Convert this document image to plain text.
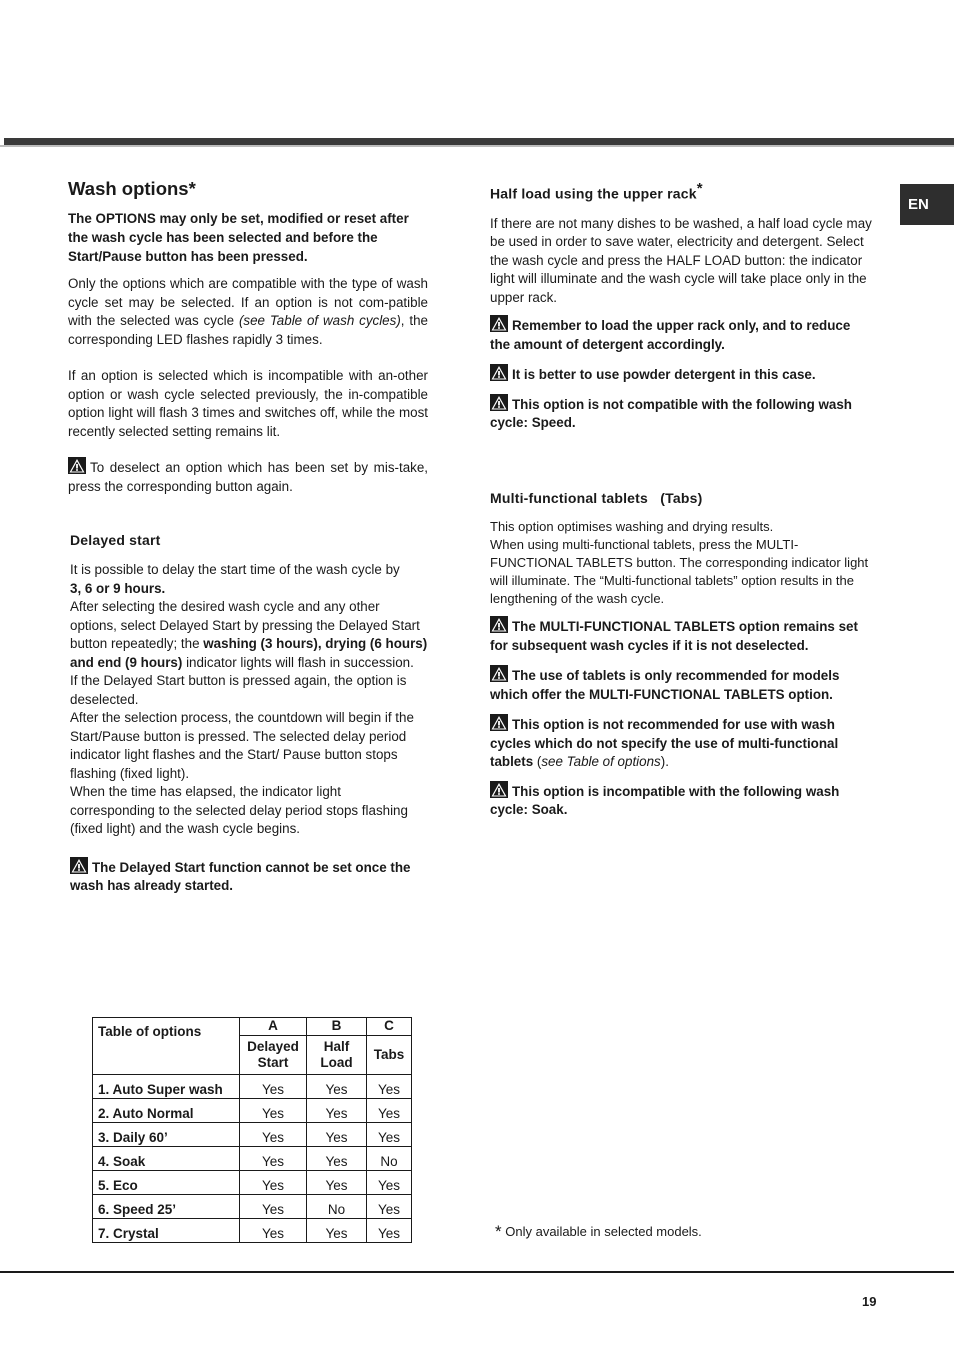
EN
Wash options*

The OPTIONS may only be set, modified or reset after the wash cycle has been selected and before the Start/Pause button has been pressed.

Only the options which are compatible with the type of wash cycle set may be selected. If an option is not com-patible with the selected was cycle (see Table of wash cycles), the corresponding LED flashes rapidly 3 times.

If an option is selected which is incompatible with an-other option or wash cycle selected previously, the in-compatible option light will flash 3 times and switches off, while the most recently selected setting remains lit.

To deselect an option which has been set by mis-take, press the corresponding button again.

Delayed start

It is possible to delay the start time of the wash cycle by
3, 6 or 9 hours.

After selecting the desired wash cycle and any other options, select Delayed Start by pressing the Delayed Start button repeatedly; the washing (3 hours), drying (6 hours) and end (9 hours) indicator lights will flash in succession.

If the Delayed Start button is pressed again, the option is deselected.

After the selection process, the countdown will begin if the Start/Pause button is pressed. The selected delay period indicator light flashes and the Start/ Pause button stops flashing (fixed light).

When the time has elapsed, the indicator light corresponding to the selected delay period stops flashing (fixed light) and the wash cycle begins.

The Delayed Start function cannot be set once the wash has already started.

Half load using the upper rack*

If there are not many dishes to be washed, a half load cycle may be used in order to save water, electricity and detergent. Select the wash cycle and press the HALF LOAD button: the indicator light will illuminate and the wash cycle will take place only in the upper rack.

Remember to load the upper rack only, and to reduce the amount of detergent accordingly.

It is better to use powder detergent in this case.

This option is not compatible with the following wash cycle: Speed.

Multi-functional tablets   (Tabs)

This option optimises washing and drying results.

When using multi-functional tablets, press the MULTI-FUNCTIONAL TABLETS button. The corresponding indicator light will illuminate. The “Multi-functional tablets” option results in the lengthening of the wash cycle.

The MULTI-FUNCTIONAL TABLETS option remains set for subsequent wash cycles if it is not deselected.

The use of tablets is only recommended for models which offer the MULTI-FUNCTIONAL TABLETS option.

This option is not recommended for use with wash cycles which do not specify the use of multi-functional tablets (see Table of options).

This option is incompatible with the following wash cycle: Soak.

Table of options	A	B	C
	Delayed Start	Half Load	Tabs
1. Auto Super wash	Yes	Yes	Yes
2. Auto Normal	Yes	Yes	Yes
3. Daily 60’	Yes	Yes	Yes
4. Soak	Yes	Yes	No
5. Eco	Yes	Yes	Yes
6. Speed 25’	Yes	No	Yes
7. Crystal	Yes	Yes	Yes	* Only available in selected models.
19
